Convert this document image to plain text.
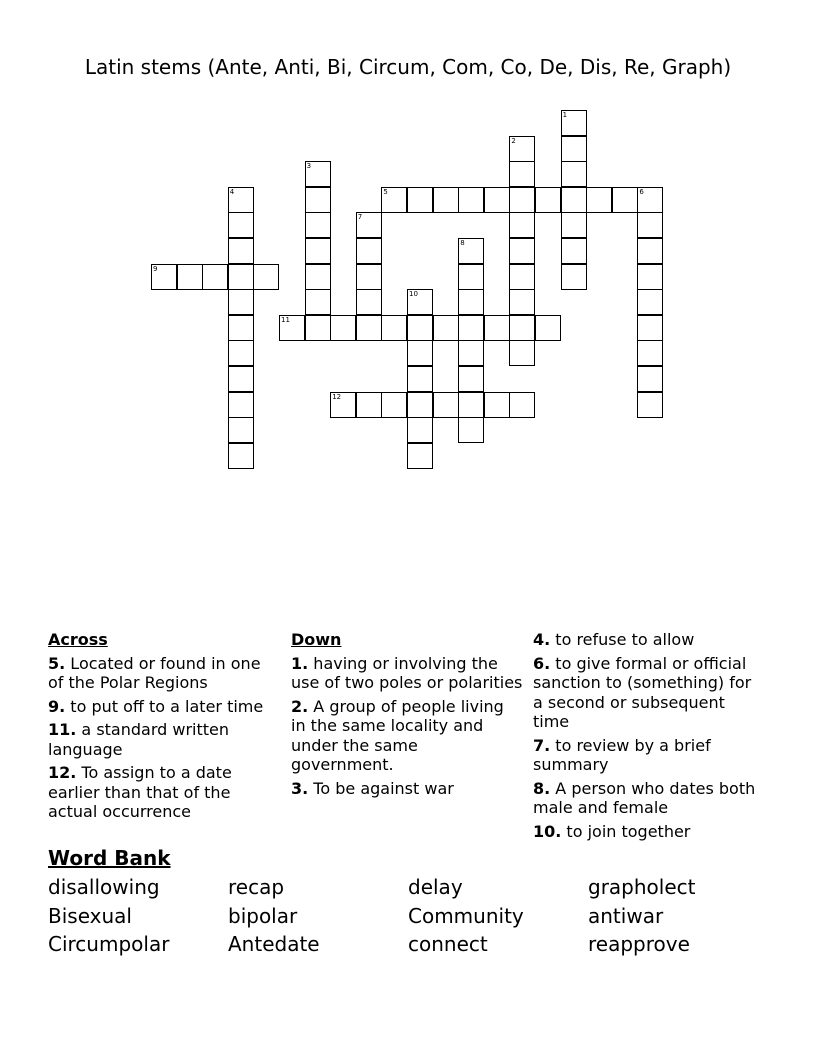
Latin stems (Ante, Anti, Bi, Circum, Com, Co, De, Dis, Re, Graph)
1
2
3
4	5	6
7
8
9
10
11
12
Across
5. Located or found in one of the Polar Regions
9. to put off to a later time
11. a standard written language
12. To assign to a date earlier than that of the actual occurrence
Down
1. having or involving the use of two poles or polarities
2. A group of people living in the same locality and under the same government.
3. To be against war
4. to refuse to allow
6. to give formal or official sanction to (something) for a second or subsequent time
7. to review by a brief summary
8. A person who dates both male and female
10. to join together
Word Bank
disallowing	recap	delay	grapholect
Bisexual	bipolar	Community	antiwar
Circumpolar	Antedate	connect	reapprove
